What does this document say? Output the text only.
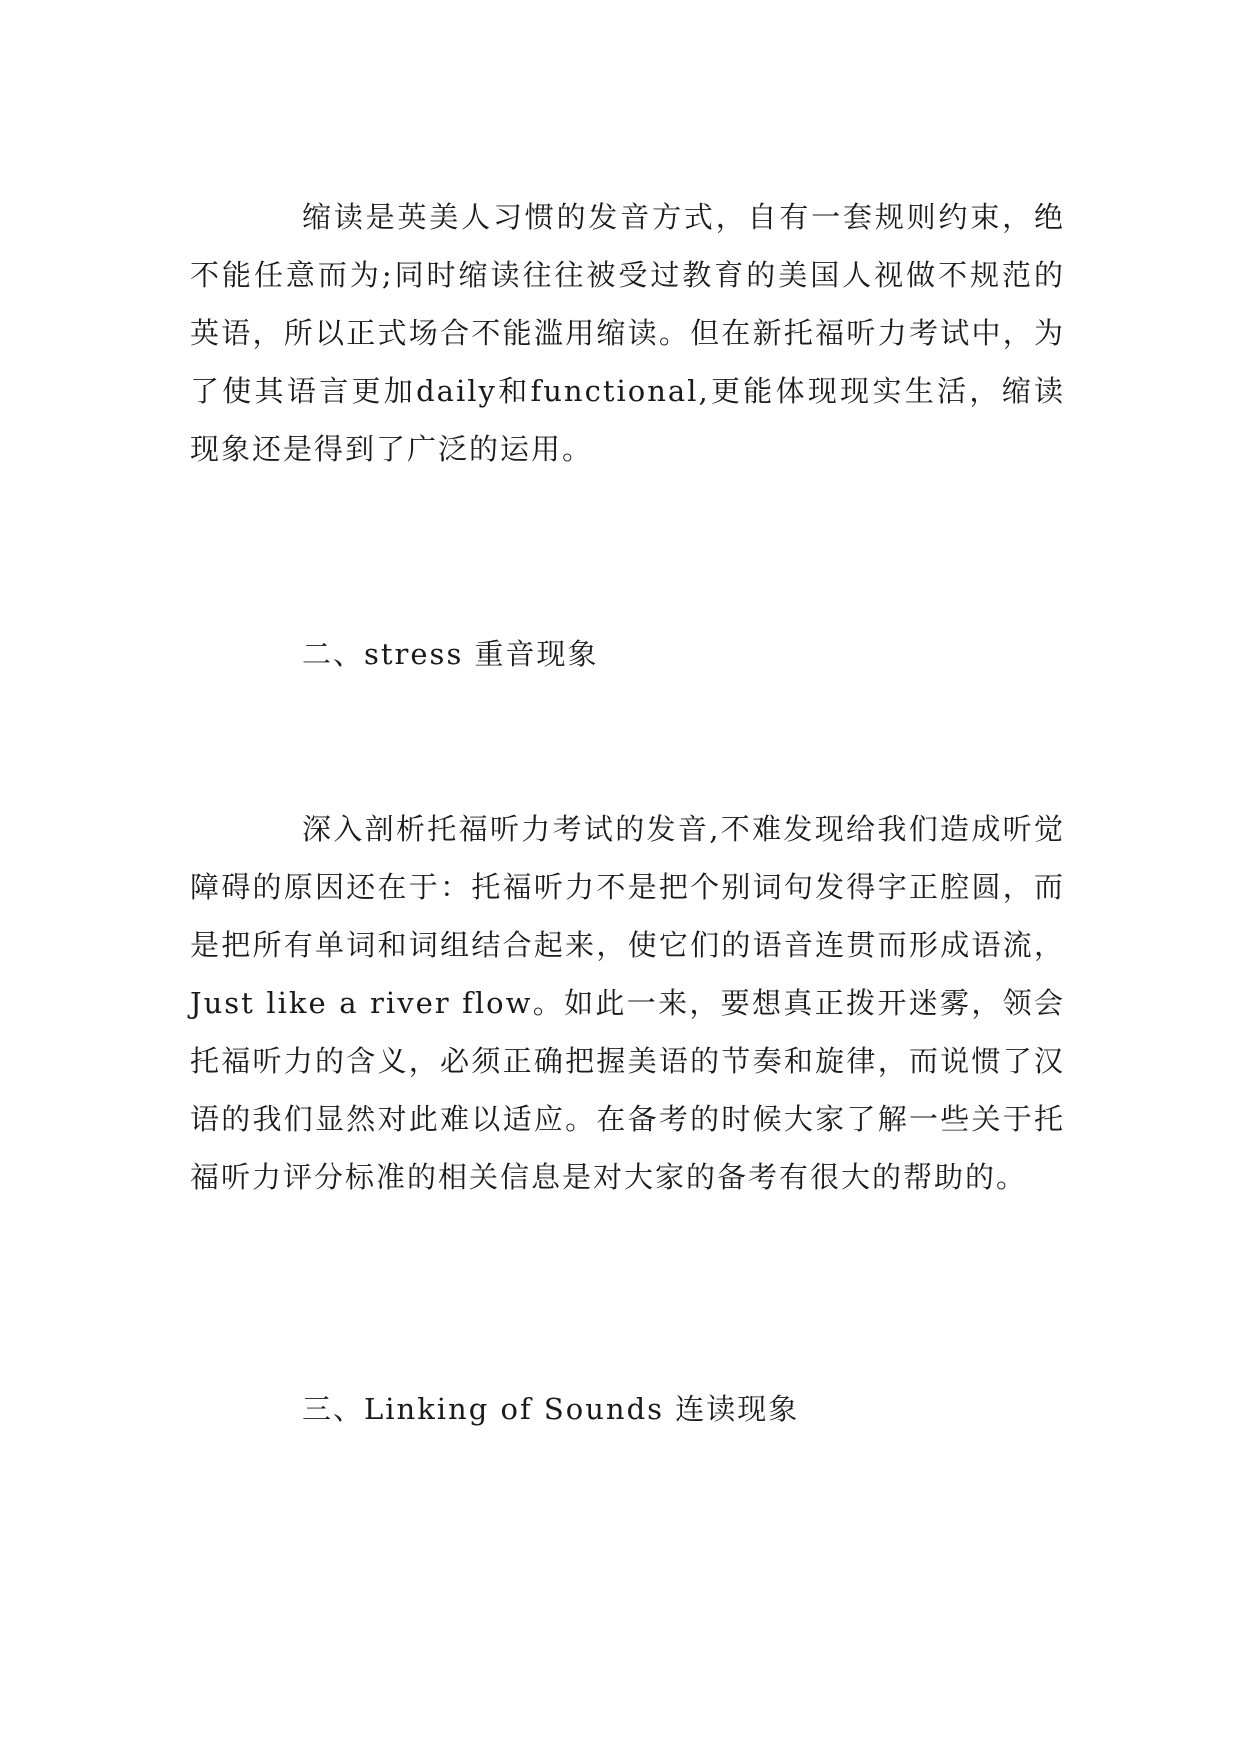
缩读是英美人习惯的发音方式，自有一套规则约束，绝不能任意而为;同时缩读往往被受过教育的美国人视做不规范的英语，所以正式场合不能滥用缩读。但在新托福听力考试中，为了使其语言更加daily和functional,更能体现现实生活，缩读现象还是得到了广泛的运用。

二、stress 重音现象

深入剖析托福听力考试的发音,不难发现给我们造成听觉障碍的原因还在于：托福听力不是把个别词句发得字正腔圆，而是把所有单词和词组结合起来，使它们的语音连贯而形成语流，Just like a river flow。如此一来，要想真正拨开迷雾，领会托福听力的含义，必须正确把握美语的节奏和旋律，而说惯了汉语的我们显然对此难以适应。在备考的时候大家了解一些关于托福听力评分标准的相关信息是对大家的备考有很大的帮助的。

三、Linking of Sounds 连读现象
